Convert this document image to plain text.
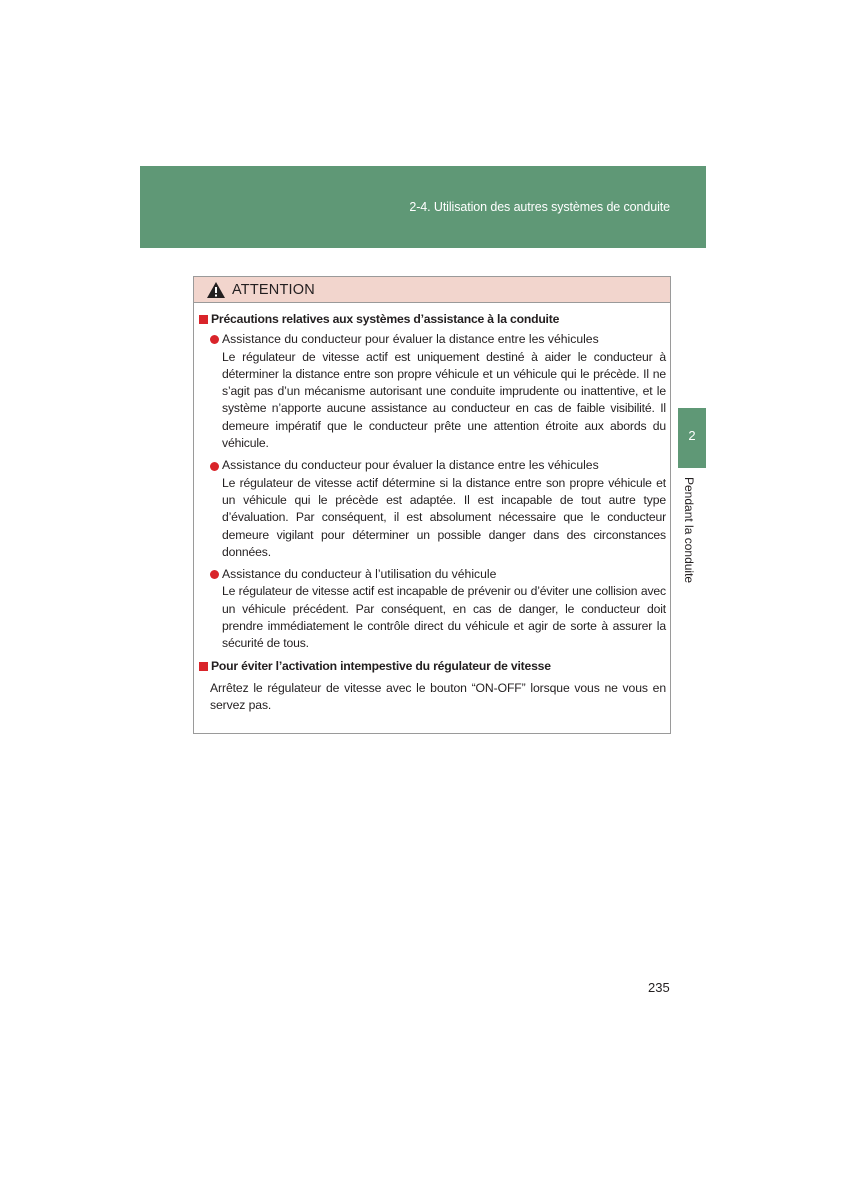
2-4. Utilisation des autres systèmes de conduite
2
Pendant la conduite
ATTENTION
Précautions relatives aux systèmes d’assistance à la conduite
Assistance du conducteur pour évaluer la distance entre les véhicules
Le régulateur de vitesse actif est uniquement destiné à aider le conducteur à déterminer la distance entre son propre véhicule et un véhicule qui le précède. Il ne s’agit pas d’un mécanisme autorisant une conduite imprudente ou inattentive, et le système n’apporte aucune assistance au conducteur en cas de faible visibilité. Il demeure impératif que le conducteur prête une attention étroite aux abords du véhicule.
Assistance du conducteur pour évaluer la distance entre les véhicules
Le régulateur de vitesse actif détermine si la distance entre son propre véhicule et un véhicule qui le précède est adaptée. Il est incapable de tout autre type d’évaluation. Par conséquent, il est absolument nécessaire que le conducteur demeure vigilant pour déterminer un possible danger dans des circonstances données.
Assistance du conducteur à l’utilisation du véhicule
Le régulateur de vitesse actif est incapable de prévenir ou d’éviter une collision avec un véhicule précédent. Par conséquent, en cas de danger, le conducteur doit prendre immédiatement le contrôle direct du véhicule et agir de sorte à assurer la sécurité de tous.
Pour éviter l’activation intempestive du régulateur de vitesse
Arrêtez le régulateur de vitesse avec le bouton “ON-OFF” lorsque vous ne vous en servez pas.
235
